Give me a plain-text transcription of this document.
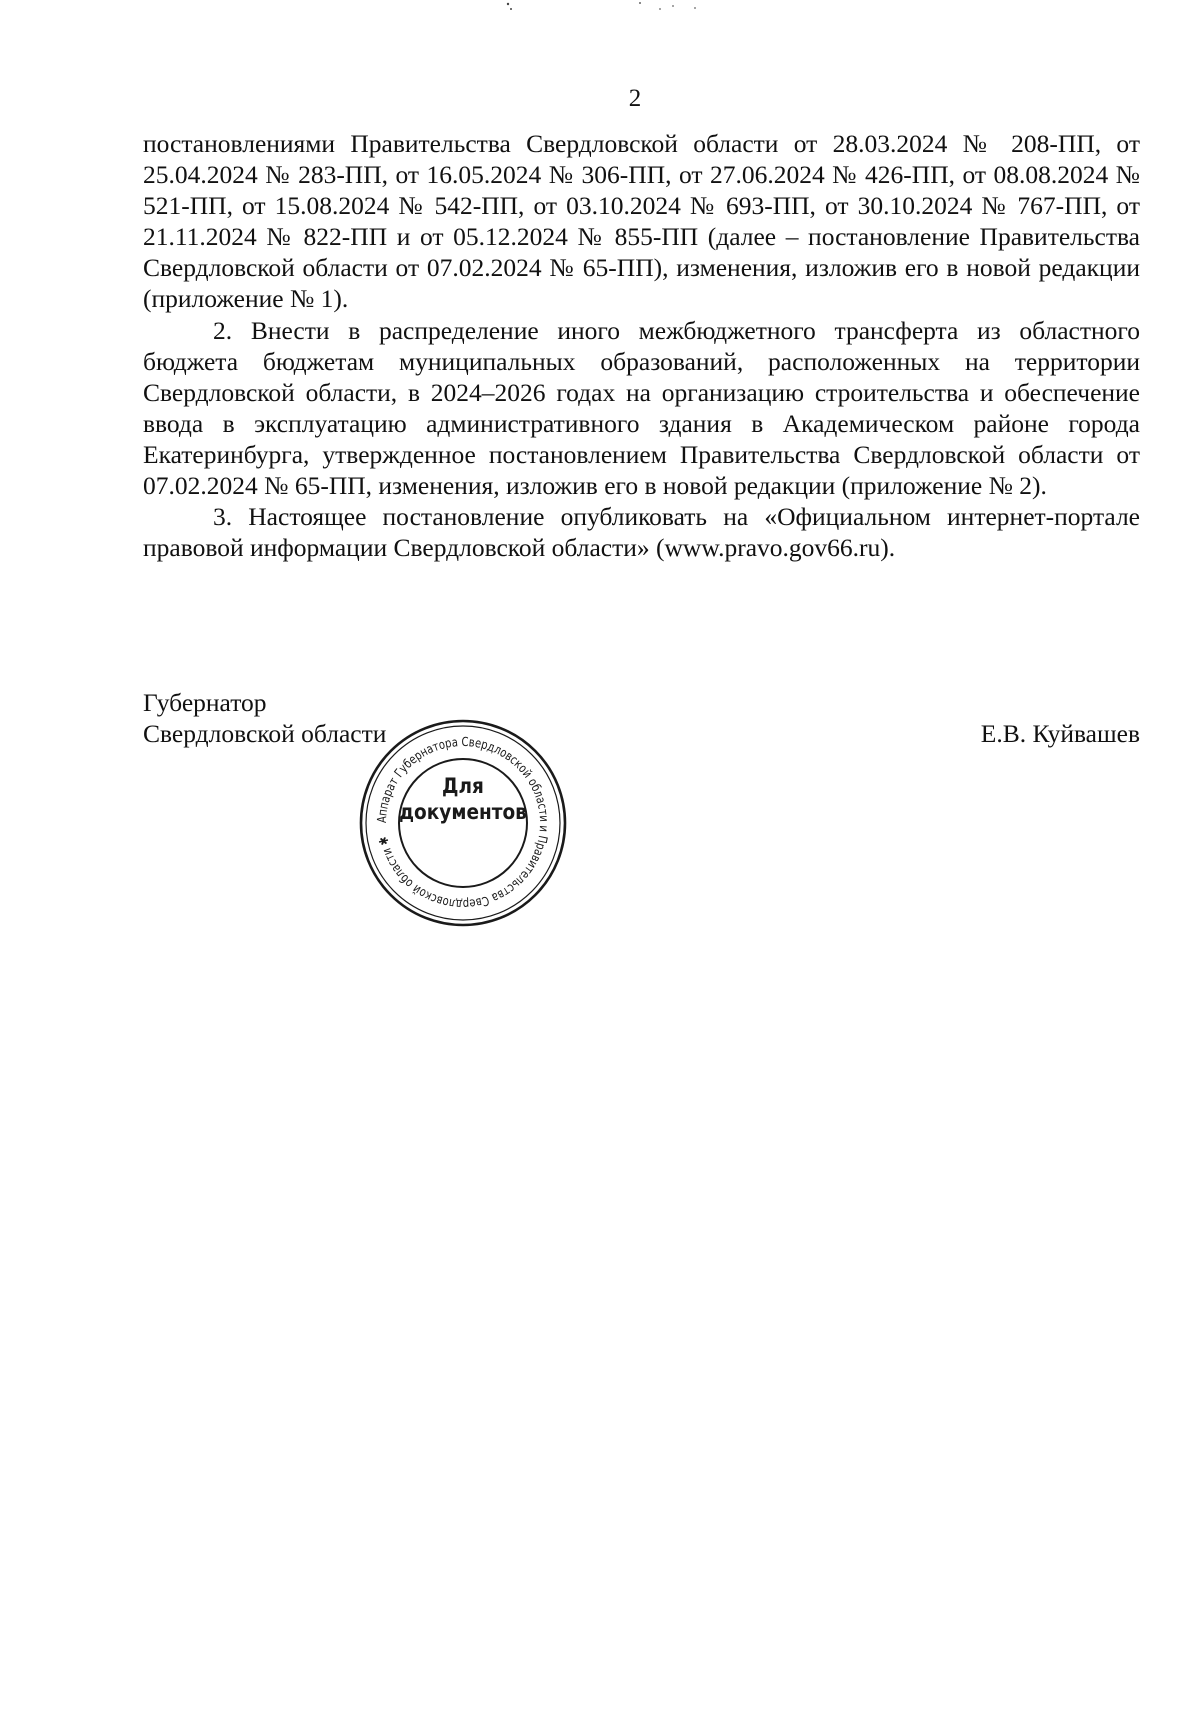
2

постановлениями Правительства Свердловской области от 28.03.2024 № 208-ПП, от 25.04.2024 № 283-ПП, от 16.05.2024 № 306-ПП, от 27.06.2024 № 426-ПП, от 08.08.2024 № 521-ПП, от 15.08.2024 № 542-ПП, от 03.10.2024 № 693-ПП, от 30.10.2024 № 767-ПП, от 21.11.2024 № 822-ПП и от 05.12.2024 № 855-ПП (далее – постановление Правительства Свердловской области от 07.02.2024 № 65-ПП), изменения, изложив его в новой редакции (приложение № 1).

2. Внести в распределение иного межбюджетного трансферта из областного бюджета бюджетам муниципальных образований, расположенных на территории Свердловской области, в 2024–2026 годах на организацию строительства и обеспечение ввода в эксплуатацию административного здания в Академическом районе города Екатеринбурга, утвержденное постановлением Правительства Свердловской области от 07.02.2024 № 65-ПП, изменения, изложив его в новой редакции (приложение № 2).

3. Настоящее постановление опубликовать на «Официальном интернет-портале правовой информации Свердловской области» (www.pravo.gov66.ru).

Губернатор
Свердловской области	Е.В. Куйвашев
Аппарат Губернатора Свердловской области и Правительства Свердловской области ✱
Для
документов
